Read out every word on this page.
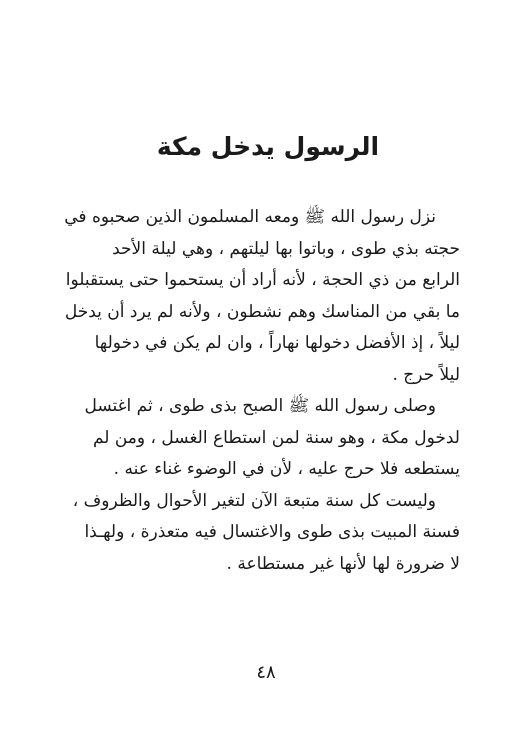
الرسول يدخل مكة

نزل رسول الله ﷺ ومعه المسلمون الذين صحبوه في
حجته بذي طوى ، وباتوا بها ليلتهم ، وهي ليلة الأحد
الرابع من ذي الحجة ، لأنه أراد أن يستحموا حتى يستقبلوا
ما بقي من المناسك وهم نشطون ، ولأنه لم يرد أن يدخل
ليلاً ، إذ الأفضل دخولها نهاراً ، وان لم يكن في دخولها
ليلاً حرج .

وصلى رسول الله ﷺ الصبح بذى طوى ، ثم اغتسل
لدخول مكة ، وهو سنة لمن استطاع الغسل ، ومن لم
يستطعه فلا حرج عليه ، لأن في الوضوء غناء عنه .

وليست كل سنة متبعة الآن لتغير الأحوال والظروف ،
فسنة المبيت بذى طوى والاغتسال فيه متعذرة ، ولهـذا
لا ضرورة لها لأنها غير مستطاعة .

٤٨
